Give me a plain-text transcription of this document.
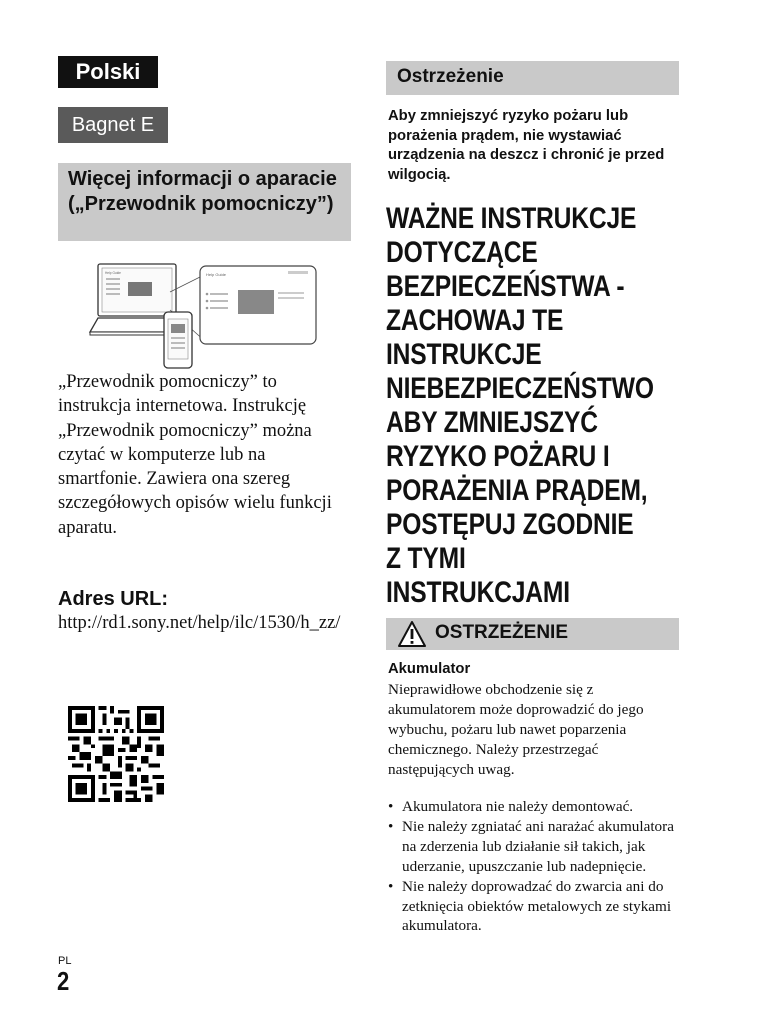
Polski
Bagnet E
Więcej informacji o aparacie („Przewodnik pomocniczy”)
Help Guide	Help Guide
„Przewodnik pomocniczy” to instrukcja internetowa. Instrukcję „Przewodnik pomocniczy” można czytać w komputerze lub na smartfonie. Zawiera ona szereg szczegółowych opisów wielu funkcji aparatu.
Adres URL:
http://rd1.sony.net/help/ilc/1530/h_zz/
Ostrzeżenie
Aby zmniejszyć ryzyko pożaru lub porażenia prądem, nie wystawiać urządzenia na deszcz i chronić je przed wilgocią.
WAŻNE INSTRUKCJE DOTYCZĄCE BEZPIECZEŃSTWA -ZACHOWAJ TE INSTRUKCJE NIEBEZPIECZEŃSTWO ABY ZMNIEJSZYĆ RYZYKO POŻARU I PORAŻENIA PRĄDEM, POSTĘPUJ ZGODNIE Z TYMI INSTRUKCJAMI
OSTRZEŻENIE
Akumulator
Nieprawidłowe obchodzenie się z akumulatorem może doprowadzić do jego wybuchu, pożaru lub nawet poparzenia chemicznego. Należy przestrzegać następujących uwag.
• Akumulatora nie należy demontować.
• Nie należy zgniatać ani narażać akumulatora na zderzenia lub działanie sił takich, jak uderzanie, upuszczanie lub nadepnięcie.
• Nie należy doprowadzać do zwarcia ani do zetknięcia obiektów metalowych ze stykami akumulatora.
PL
2
